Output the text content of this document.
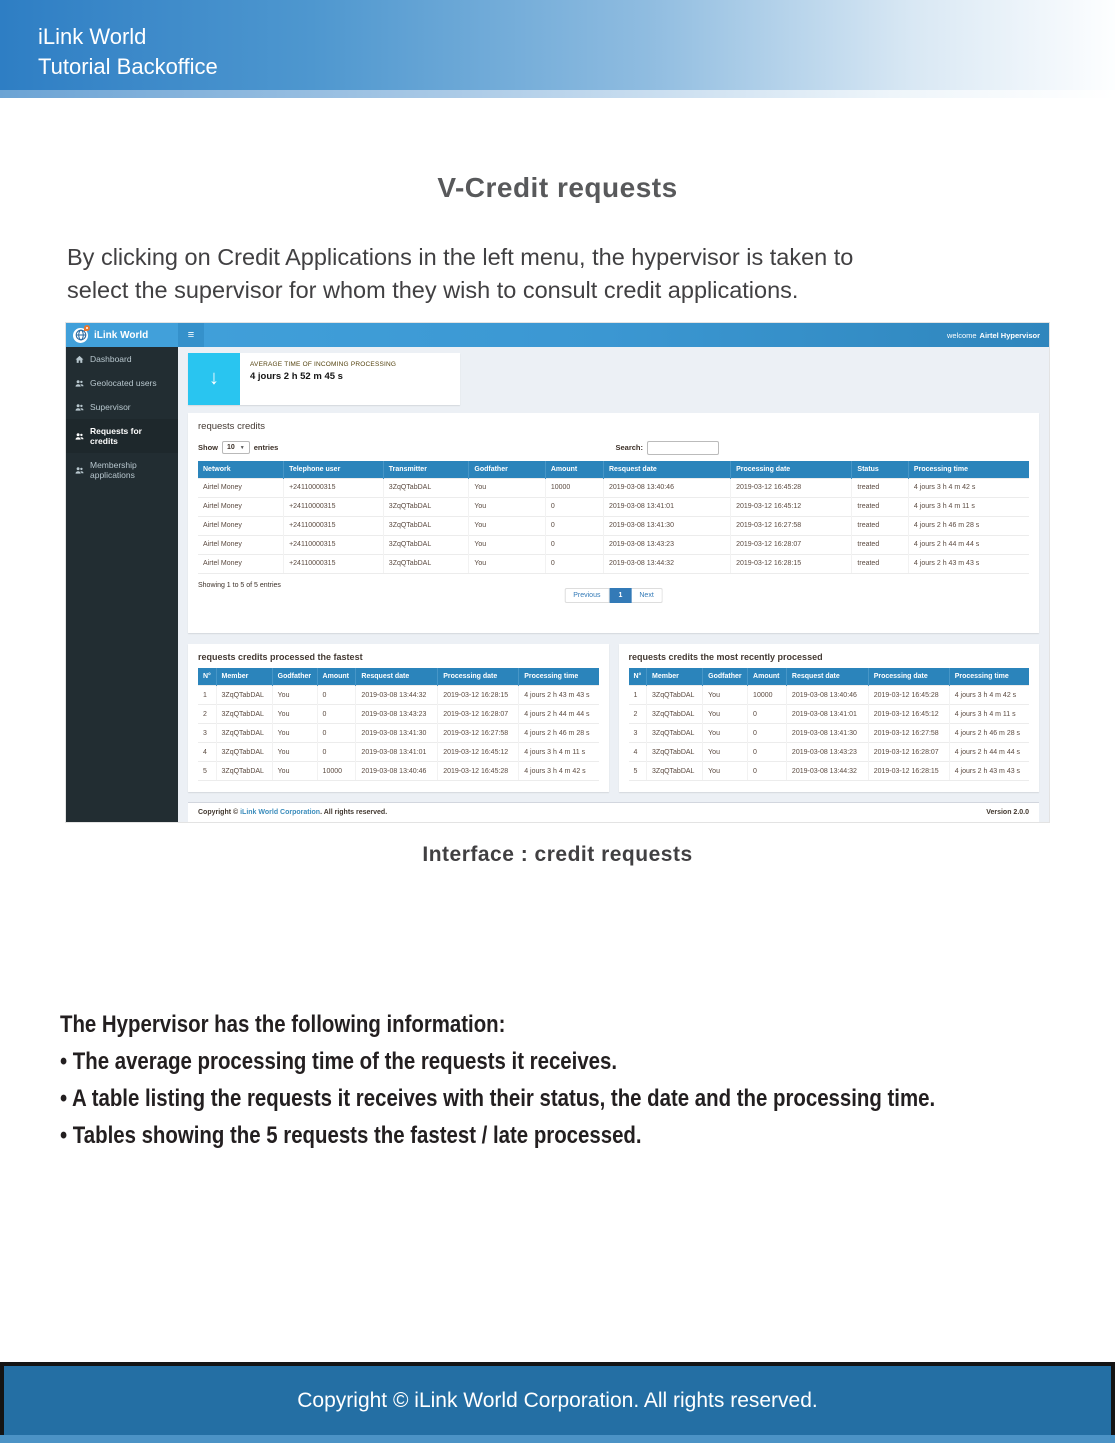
iLink World
Tutorial Backoffice
V-Credit requests
By clicking on Credit Applications in the left menu, the hypervisor is taken to
select the supervisor for whom they wish to consult credit applications.
iLink World	≡	welcome Airtel Hypervisor
Dashboard
Geolocated users
Supervisor
Requests for credits
Membership applications
↓
AVERAGE TIME OF INCOMING PROCESSING
4 jours 2 h 52 m 45 s
requests credits
Show 10 ▼ entries	Search:
Network	Telephone user	Transmitter	Godfather	Amount	Resquest date	Processing date	Status	Processing time
Airtel Money	+24110000315	3ZqQTabDAL	You	10000	2019-03-08 13:40:46	2019-03-12 16:45:28	treated	4 jours 3 h 4 m 42 s
Airtel Money	+24110000315	3ZqQTabDAL	You	0	2019-03-08 13:41:01	2019-03-12 16:45:12	treated	4 jours 3 h 4 m 11 s
Airtel Money	+24110000315	3ZqQTabDAL	You	0	2019-03-08 13:41:30	2019-03-12 16:27:58	treated	4 jours 2 h 46 m 28 s
Airtel Money	+24110000315	3ZqQTabDAL	You	0	2019-03-08 13:43:23	2019-03-12 16:28:07	treated	4 jours 2 h 44 m 44 s
Airtel Money	+24110000315	3ZqQTabDAL	You	0	2019-03-08 13:44:32	2019-03-12 16:28:15	treated	4 jours 2 h 43 m 43 s
Showing 1 to 5 of 5 entries
Previous	1	Next
requests credits processed the fastest
N°	Member	Godfather	Amount	Resquest date	Processing date	Processing time
1	3ZqQTabDAL	You	0	2019-03-08 13:44:32	2019-03-12 16:28:15	4 jours 2 h 43 m 43 s
2	3ZqQTabDAL	You	0	2019-03-08 13:43:23	2019-03-12 16:28:07	4 jours 2 h 44 m 44 s
3	3ZqQTabDAL	You	0	2019-03-08 13:41:30	2019-03-12 16:27:58	4 jours 2 h 46 m 28 s
4	3ZqQTabDAL	You	0	2019-03-08 13:41:01	2019-03-12 16:45:12	4 jours 3 h 4 m 11 s
5	3ZqQTabDAL	You	10000	2019-03-08 13:40:46	2019-03-12 16:45:28	4 jours 3 h 4 m 42 s
requests credits the most recently processed
N°	Member	Godfather	Amount	Resquest date	Processing date	Processing time
1	3ZqQTabDAL	You	10000	2019-03-08 13:40:46	2019-03-12 16:45:28	4 jours 3 h 4 m 42 s
2	3ZqQTabDAL	You	0	2019-03-08 13:41:01	2019-03-12 16:45:12	4 jours 3 h 4 m 11 s
3	3ZqQTabDAL	You	0	2019-03-08 13:41:30	2019-03-12 16:27:58	4 jours 2 h 46 m 28 s
4	3ZqQTabDAL	You	0	2019-03-08 13:43:23	2019-03-12 16:28:07	4 jours 2 h 44 m 44 s
5	3ZqQTabDAL	You	0	2019-03-08 13:44:32	2019-03-12 16:28:15	4 jours 2 h 43 m 43 s
Copyright © iLink World Corporation. All rights reserved.	Version 2.0.0
Interface : credit requests
The Hypervisor has the following information:
• The average processing time of the requests it receives.
• A table listing the requests it receives with their status, the date and the processing time.
• Tables showing the 5 requests the fastest / late processed.
Copyright © iLink World Corporation. All rights reserved.
